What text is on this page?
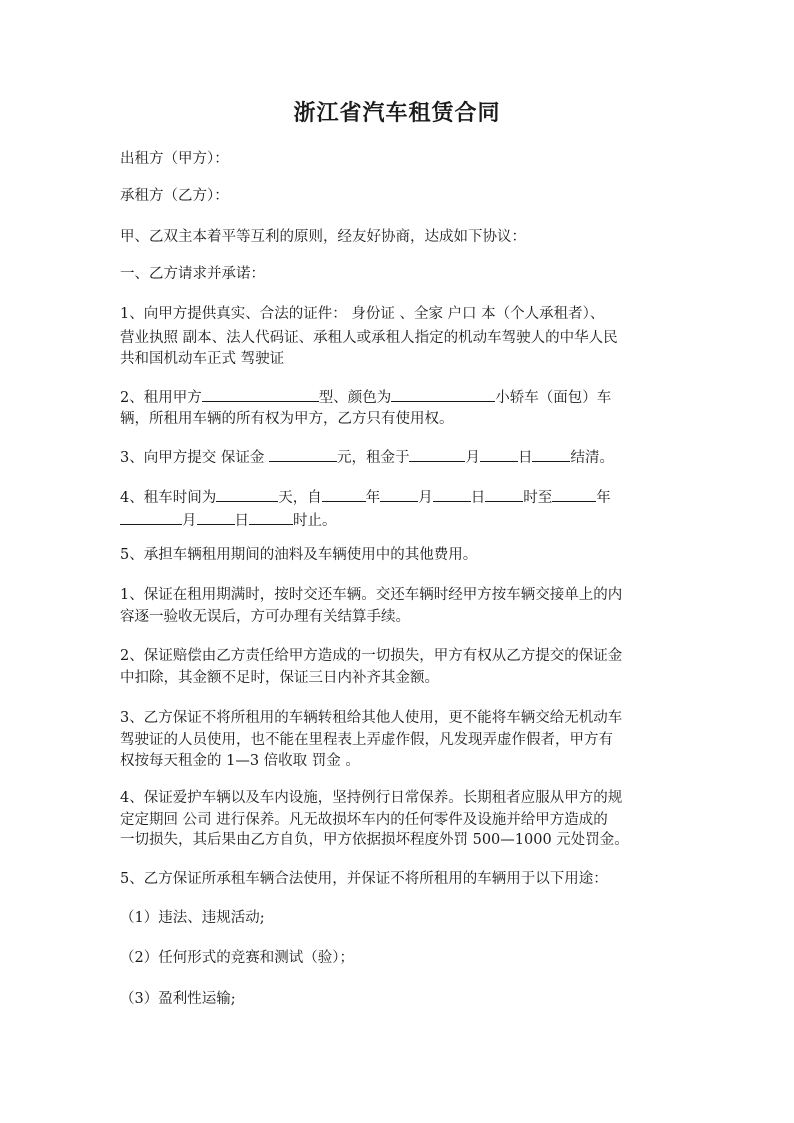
浙江省汽车租赁合同
出租方（甲方）：
承租方（乙方）：
甲、乙双主本着平等互利的原则，经友好协商，达成如下协议：
一、乙方请求并承诺：
1、向甲方提供真实、合法的证件： 身份证 、全家 户口 本（个人承租者）、
营业执照 副本、法人代码证、承租人或承租人指定的机动车驾驶人的中华人民
共和国机动车正式 驾驶证
2、租用甲方	型、颜色为	小轿车（面包）车
辆，所租用车辆的所有权为甲方，乙方只有使用权。
3、向甲方提交 保证金	元，租金于	月	日	结清。
4、租车时间为	天，自	年	月	日	时至	年
月	日	时止。
5、承担车辆租用期间的油料及车辆使用中的其他费用。
1、保证在租用期满时，按时交还车辆。交还车辆时经甲方按车辆交接单上的内
容逐一验收无误后，方可办理有关结算手续。
2、保证赔偿由乙方责任给甲方造成的一切损失，甲方有权从乙方提交的保证金
中扣除，其金额不足时，保证三日内补齐其金额。
3、乙方保证不将所租用的车辆转租给其他人使用，更不能将车辆交给无机动车
驾驶证的人员使用，也不能在里程表上弄虚作假，凡发现弄虚作假者，甲方有
权按每天租金的 1—3 倍收取 罚金 。
4、保证爱护车辆以及车内设施，坚持例行日常保养。长期租者应服从甲方的规
定定期回 公司 进行保养。凡无故损坏车内的任何零件及设施并给甲方造成的
一切损失，其后果由乙方自负，甲方依据损坏程度外罚 500—1000 元处罚金。
5、乙方保证所承租车辆合法使用，并保证不将所租用的车辆用于以下用途：
（1）违法、违规活动;
（2）任何形式的竞赛和测试（验）；
（3）盈利性运输;
